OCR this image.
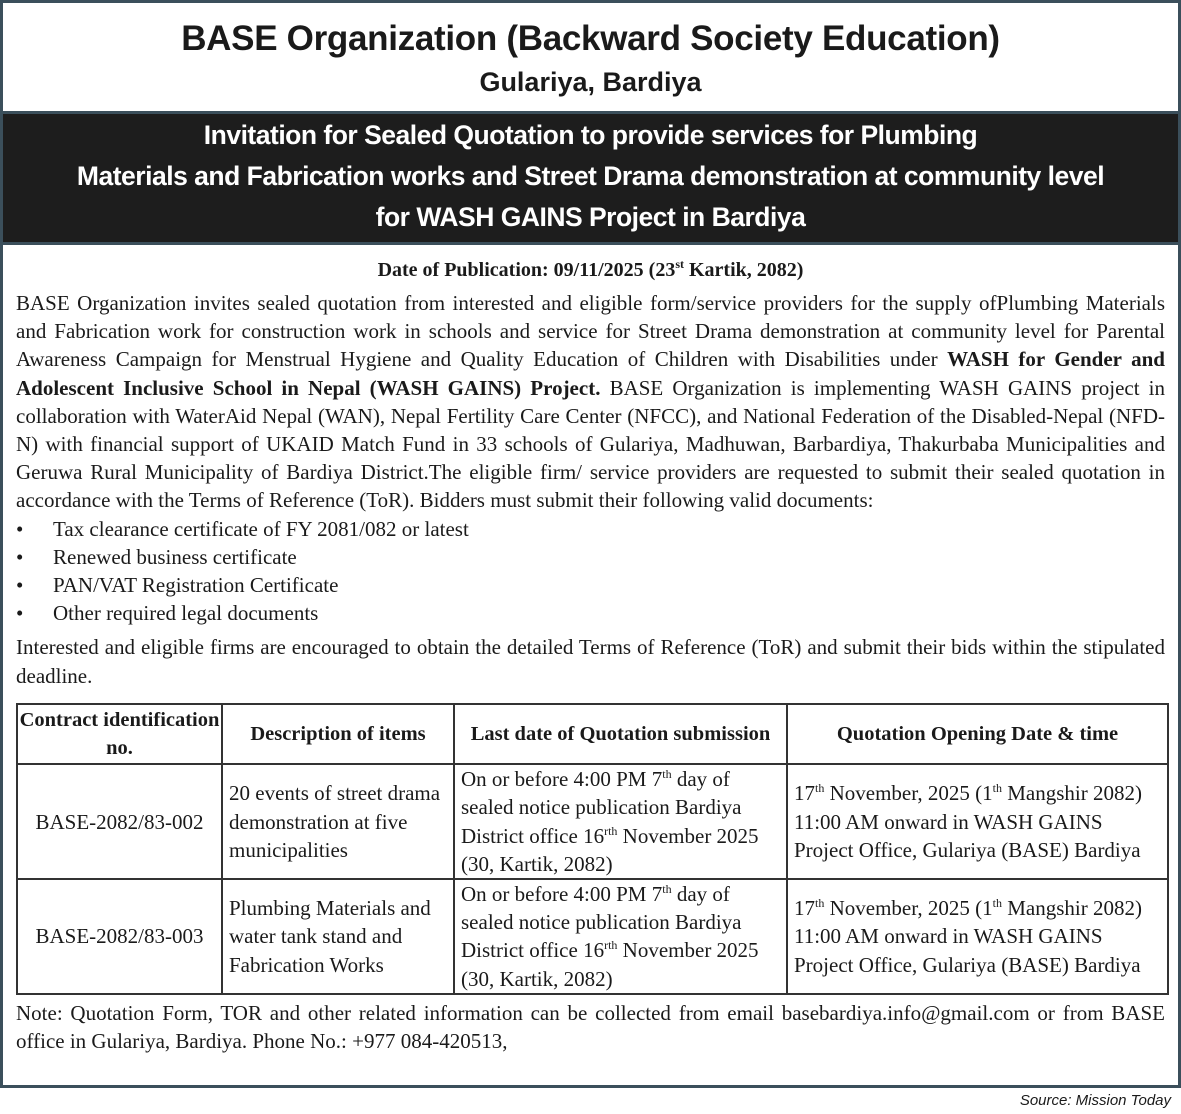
BASE Organization (Backward Society Education)
Gulariya, Bardiya
Invitation for Sealed Quotation to provide services for Plumbing
Materials and Fabrication works and Street Drama demonstration at community level
for WASH GAINS Project in Bardiya
Date of Publication: 09/11/2025 (23st Kartik, 2082)
BASE Organization invites sealed quotation from interested and eligible form/service providers for the supply ofPlumbing Materials and Fabrication work for construction work in schools and service for Street Drama demonstration at community level for Parental Awareness Campaign for Menstrual Hygiene and Quality Education of Children with Disabilities under WASH for Gender and Adolescent Inclusive School in Nepal (WASH GAINS) Project. BASE Organization is implementing WASH GAINS project in collaboration with WaterAid Nepal (WAN), Nepal Fertility Care Center (NFCC), and National Federation of the Disabled-Nepal (NFD-N) with financial support of UKAID Match Fund in 33 schools of Gulariya, Madhuwan, Barbardiya, Thakurbaba Municipalities and Geruwa Rural Municipality of Bardiya District.The eligible firm/ service providers are requested to submit their sealed quotation in accordance with the Terms of Reference (ToR). Bidders must submit their following valid documents:
• Tax clearance certificate of FY 2081/082 or latest
• Renewed business certificate
• PAN/VAT Registration Certificate
• Other required legal documents
Interested and eligible firms are encouraged to obtain the detailed Terms of Reference (ToR) and submit their bids within the stipulated deadline.
Contract identification no.	Description of items	Last date of Quotation submission	Quotation Opening Date & time
BASE-2082/83-002	20 events of street drama demonstration at five municipalities	On or before 4:00 PM 7th day of sealed notice publication Bardiya District office $16^{rth}$ November 2025 (30, Kartik, 2082)	17th November, 2025 (1th Mangshir 2082) 11:00 AM onward in WASH GAINS Project Office, Gulariya (BASE) Bardiya
BASE-2082/83-003	Plumbing Materials and water tank stand and Fabrication Works	On or before 4:00 PM 7th day of sealed notice publication Bardiya District office $16^{rth}$ November 2025 (30, Kartik, 2082)	17th November, 2025 (1th Mangshir 2082) 11:00 AM onward in WASH GAINS Project Office, Gulariya (BASE) Bardiya
Note: Quotation Form, TOR and other related information can be collected from email basebardiya.info@gmail.com or from BASE office in Gulariya, Bardiya. Phone No.: +977 084-420513,
Source: Mission Today
